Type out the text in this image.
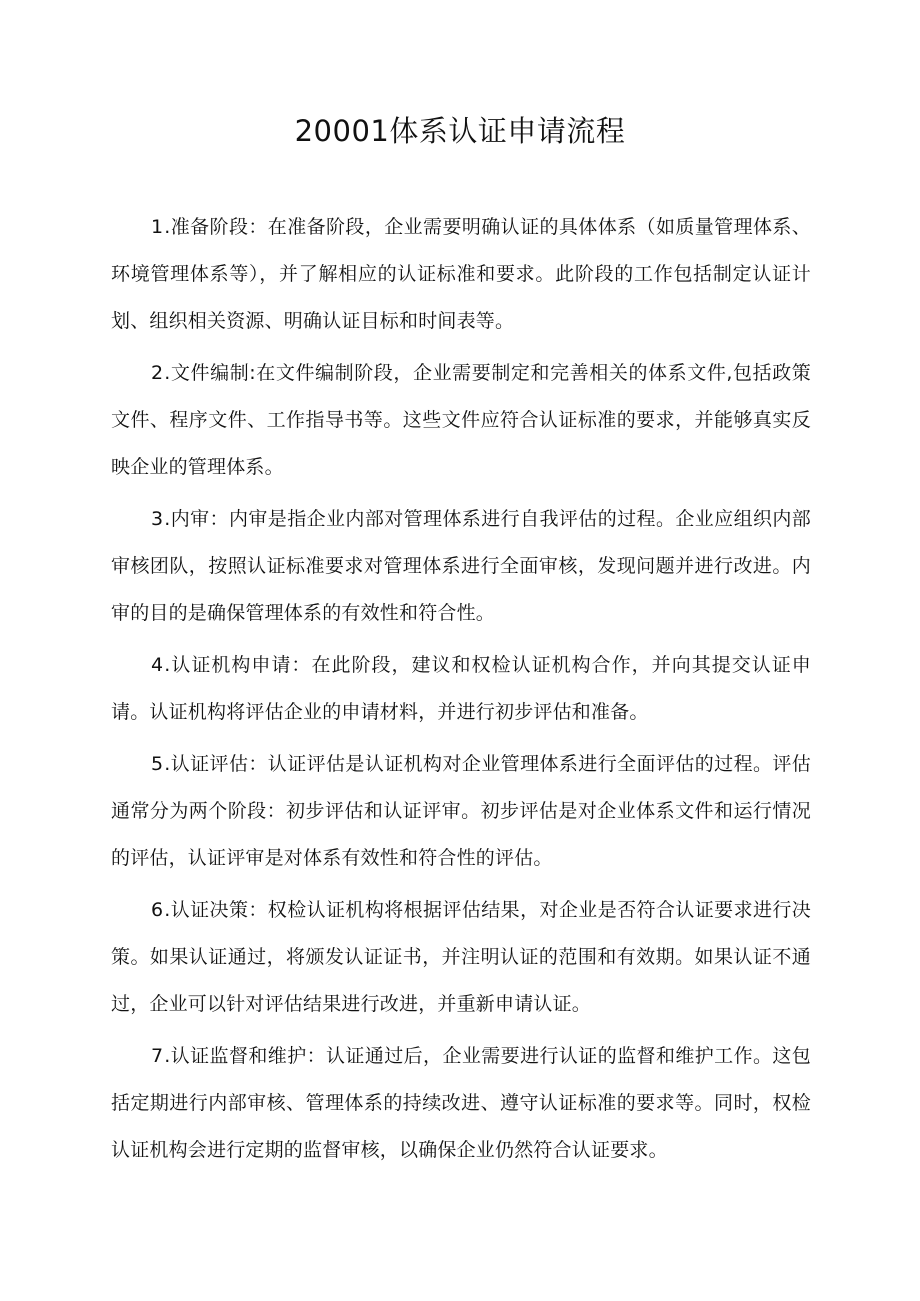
20001体系认证申请流程

1.准备阶段：在准备阶段，企业需要明确认证的具体体系（如质量管理体系、环境管理体系等），并了解相应的认证标准和要求。此阶段的工作包括制定认证计划、组织相关资源、明确认证目标和时间表等。

2.文件编制:在文件编制阶段，企业需要制定和完善相关的体系文件,包括政策文件、程序文件、工作指导书等。这些文件应符合认证标准的要求，并能够真实反映企业的管理体系。

3.内审：内审是指企业内部对管理体系进行自我评估的过程。企业应组织内部审核团队，按照认证标准要求对管理体系进行全面审核，发现问题并进行改进。内审的目的是确保管理体系的有效性和符合性。

4.认证机构申请：在此阶段，建议和权检认证机构合作，并向其提交认证申请。认证机构将评估企业的申请材料，并进行初步评估和准备。

5.认证评估：认证评估是认证机构对企业管理体系进行全面评估的过程。评估通常分为两个阶段：初步评估和认证评审。初步评估是对企业体系文件和运行情况的评估，认证评审是对体系有效性和符合性的评估。

6.认证决策：权检认证机构将根据评估结果，对企业是否符合认证要求进行决策。如果认证通过，将颁发认证证书，并注明认证的范围和有效期。如果认证不通过，企业可以针对评估结果进行改进，并重新申请认证。

7.认证监督和维护：认证通过后，企业需要进行认证的监督和维护工作。这包括定期进行内部审核、管理体系的持续改进、遵守认证标准的要求等。同时，权检认证机构会进行定期的监督审核，以确保企业仍然符合认证要求。
